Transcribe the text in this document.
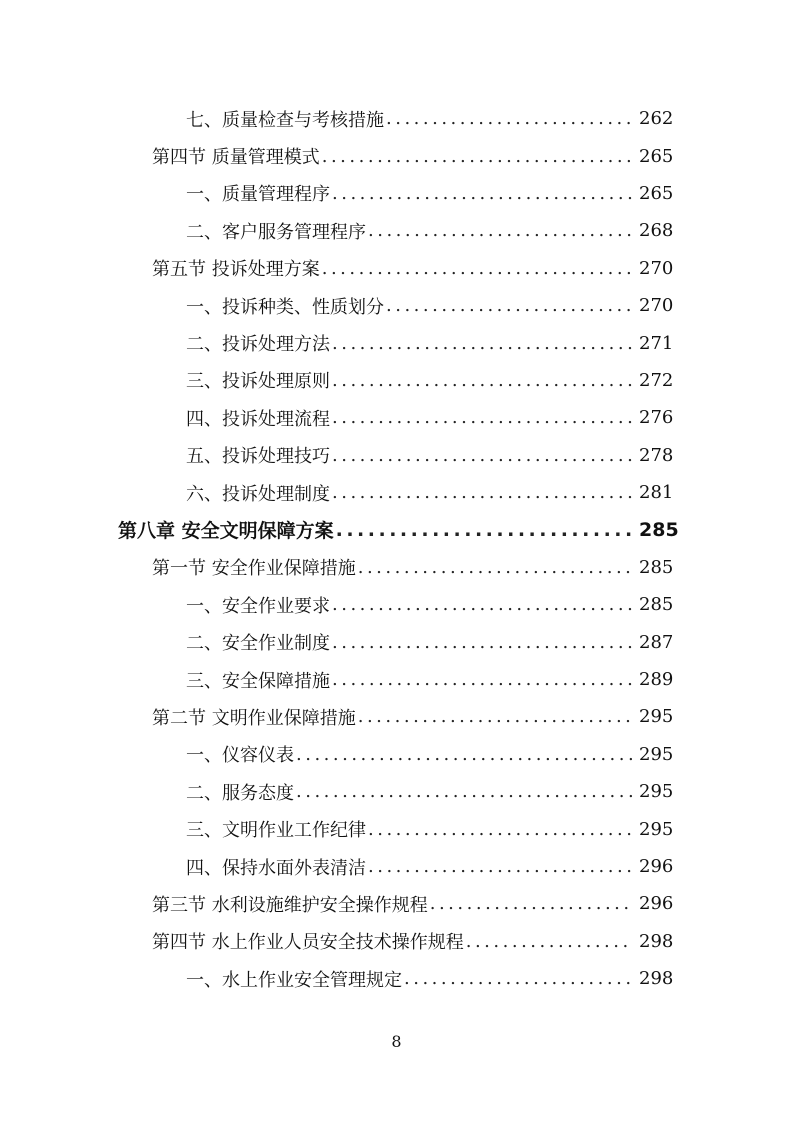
七、质量检查与考核措施 .....	262
第四节 质量管理模式 .....	265
一、质量管理程序 .....	265
二、客户服务管理程序 .....	268
第五节 投诉处理方案 .....	270
一、投诉种类、性质划分 .....	270
二、投诉处理方法 .....	271
三、投诉处理原则 .....	272
四、投诉处理流程 .....	276
五、投诉处理技巧 .....	278
六、投诉处理制度 .....	281
第八章 安全文明保障方案 .....	285
第一节 安全作业保障措施 .....	285
一、安全作业要求 .....	285
二、安全作业制度 .....	287
三、安全保障措施 .....	289
第二节 文明作业保障措施 .....	295
一、仪容仪表 .....	295
二、服务态度 .....	295
三、文明作业工作纪律 .....	295
四、保持水面外表清洁 .....	296
第三节 水利设施维护安全操作规程 .....	296
第四节 水上作业人员安全技术操作规程 .....	298
一、水上作业安全管理规定 .....	298
8
